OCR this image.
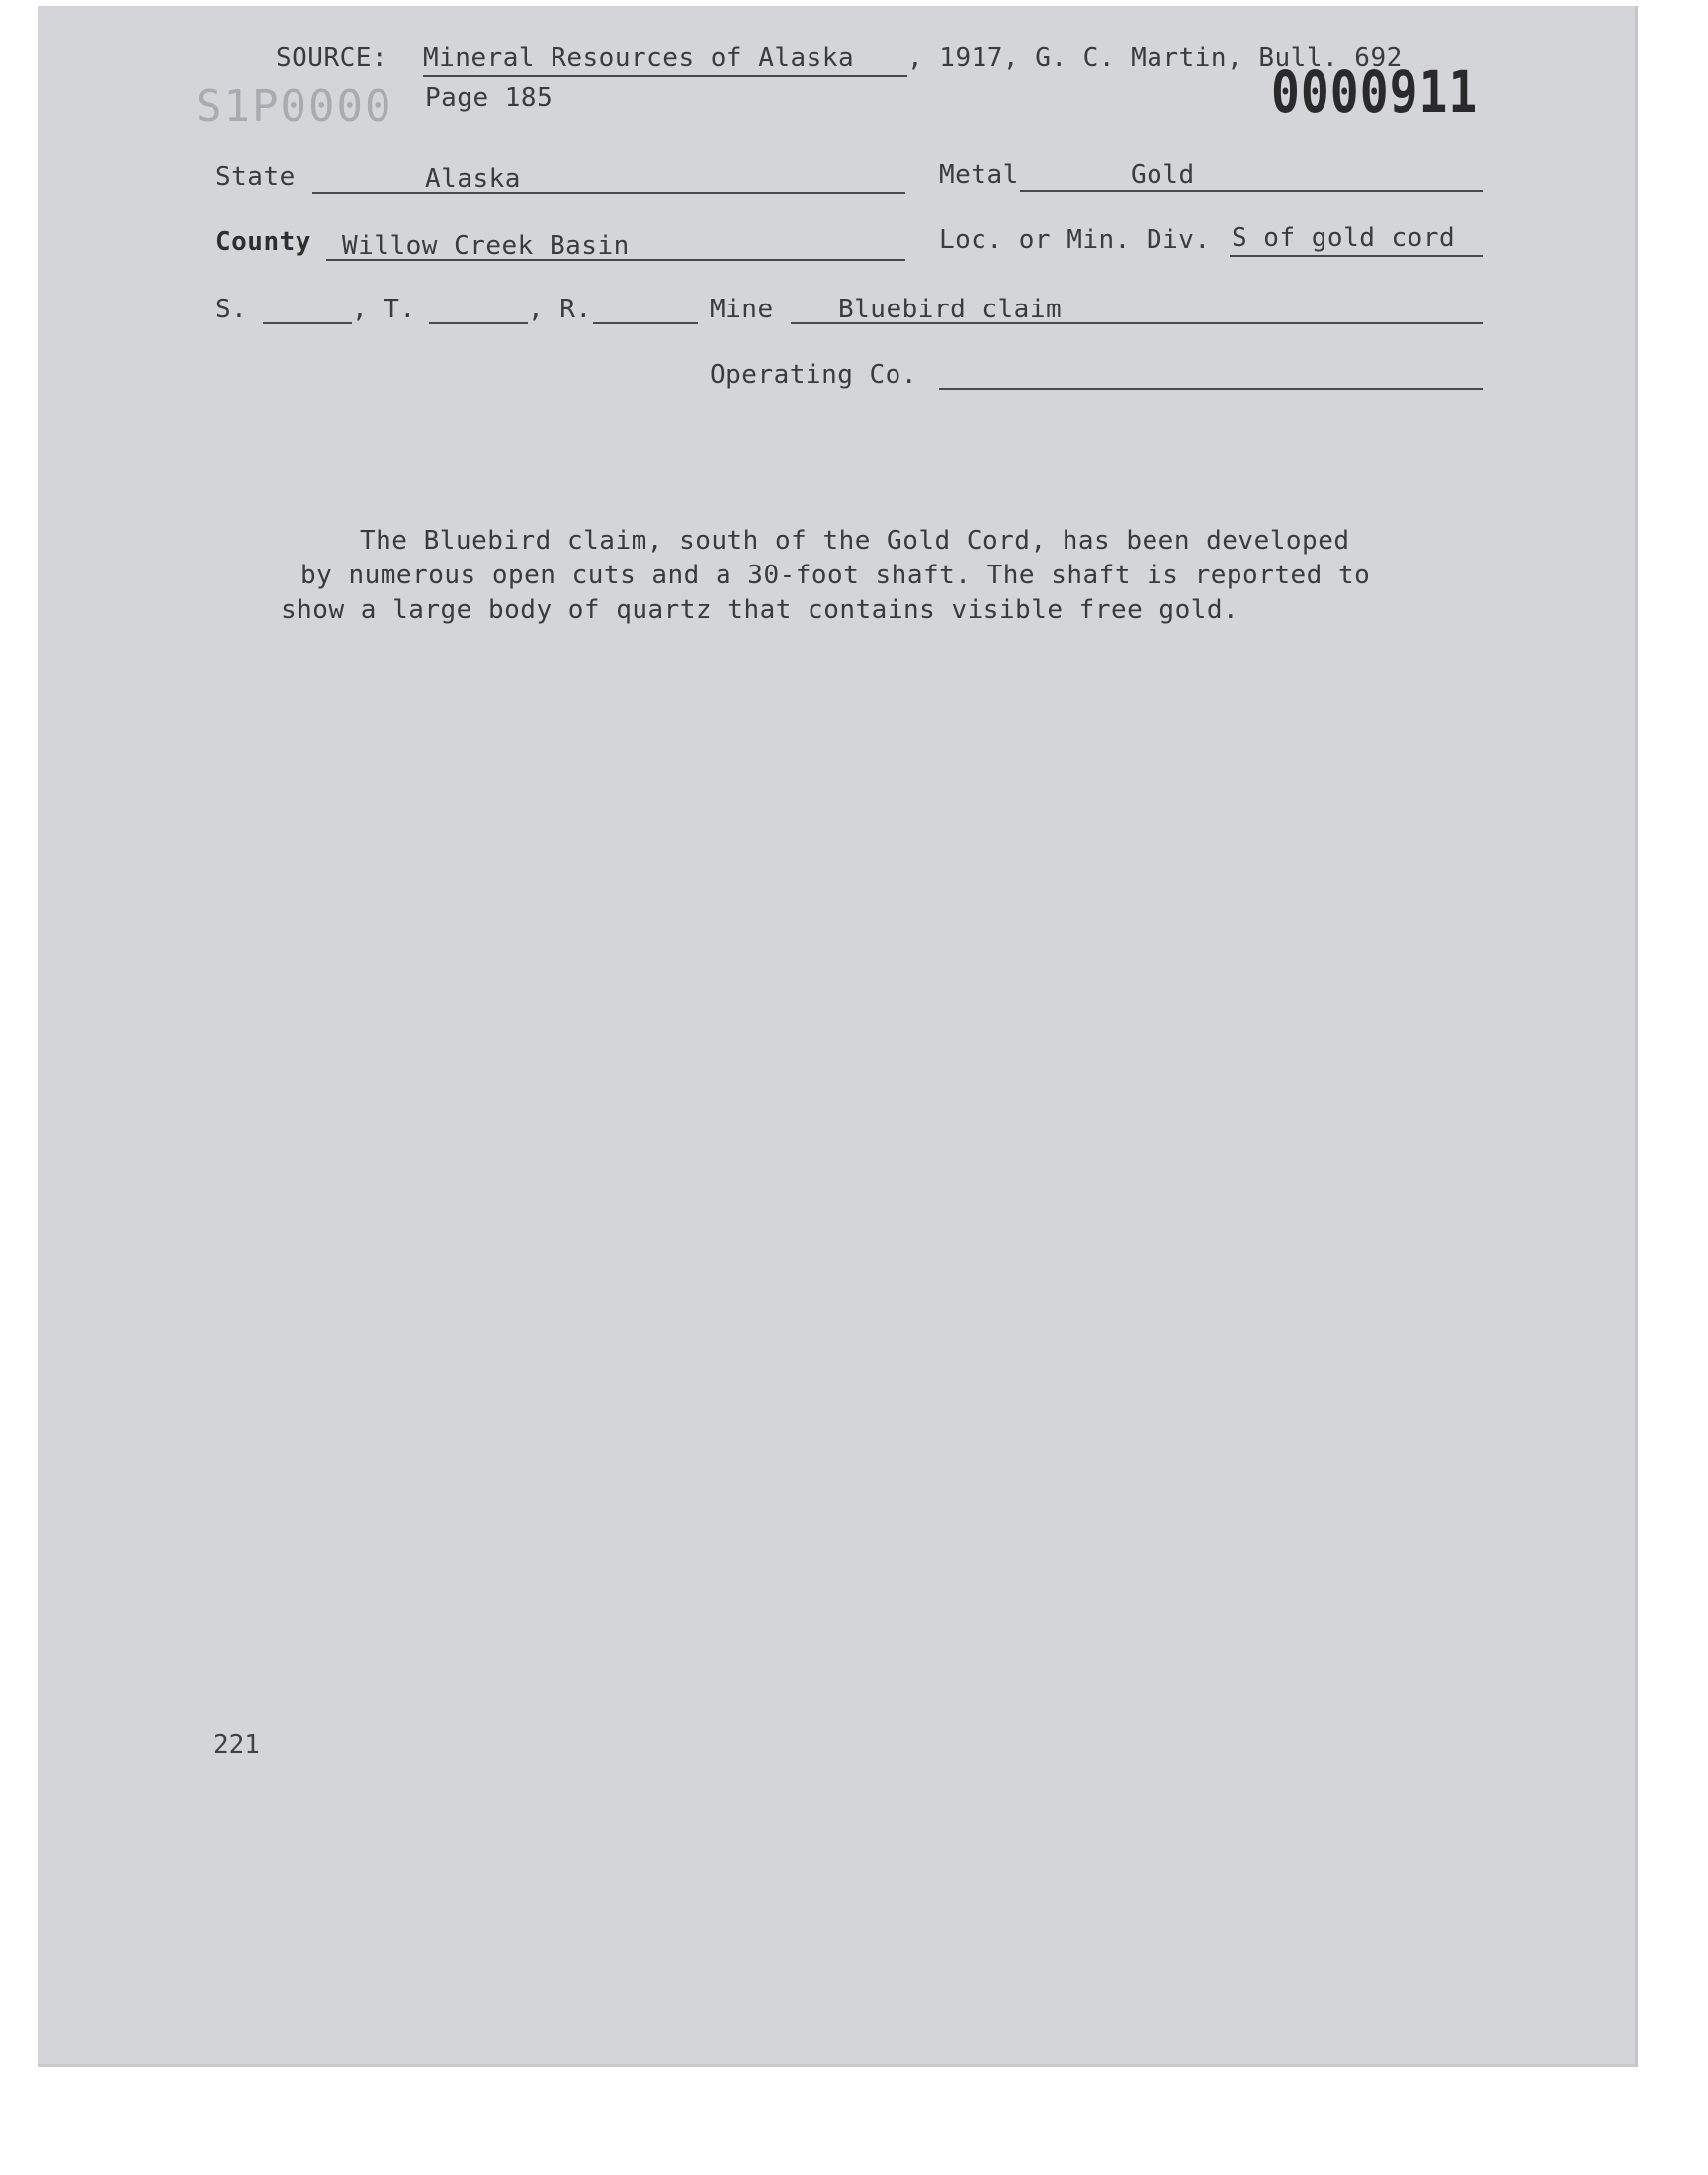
SOURCE: Mineral Resources of Alaska , 1917, G. C. Martin, Bull. 692
S1P0000 Page 185	0000911
State	Alaska	Metal	Gold
County Willow Creek Basin	Loc. or Min. Div. S of gold cord
S.	, T.	, R.	Mine	Bluebird claim
Operating Co.
The Bluebird claim, south of the Gold Cord, has been developed
by numerous open cuts and a 30-foot shaft. The shaft is reported to
show a large body of quartz that contains visible free gold.
221
